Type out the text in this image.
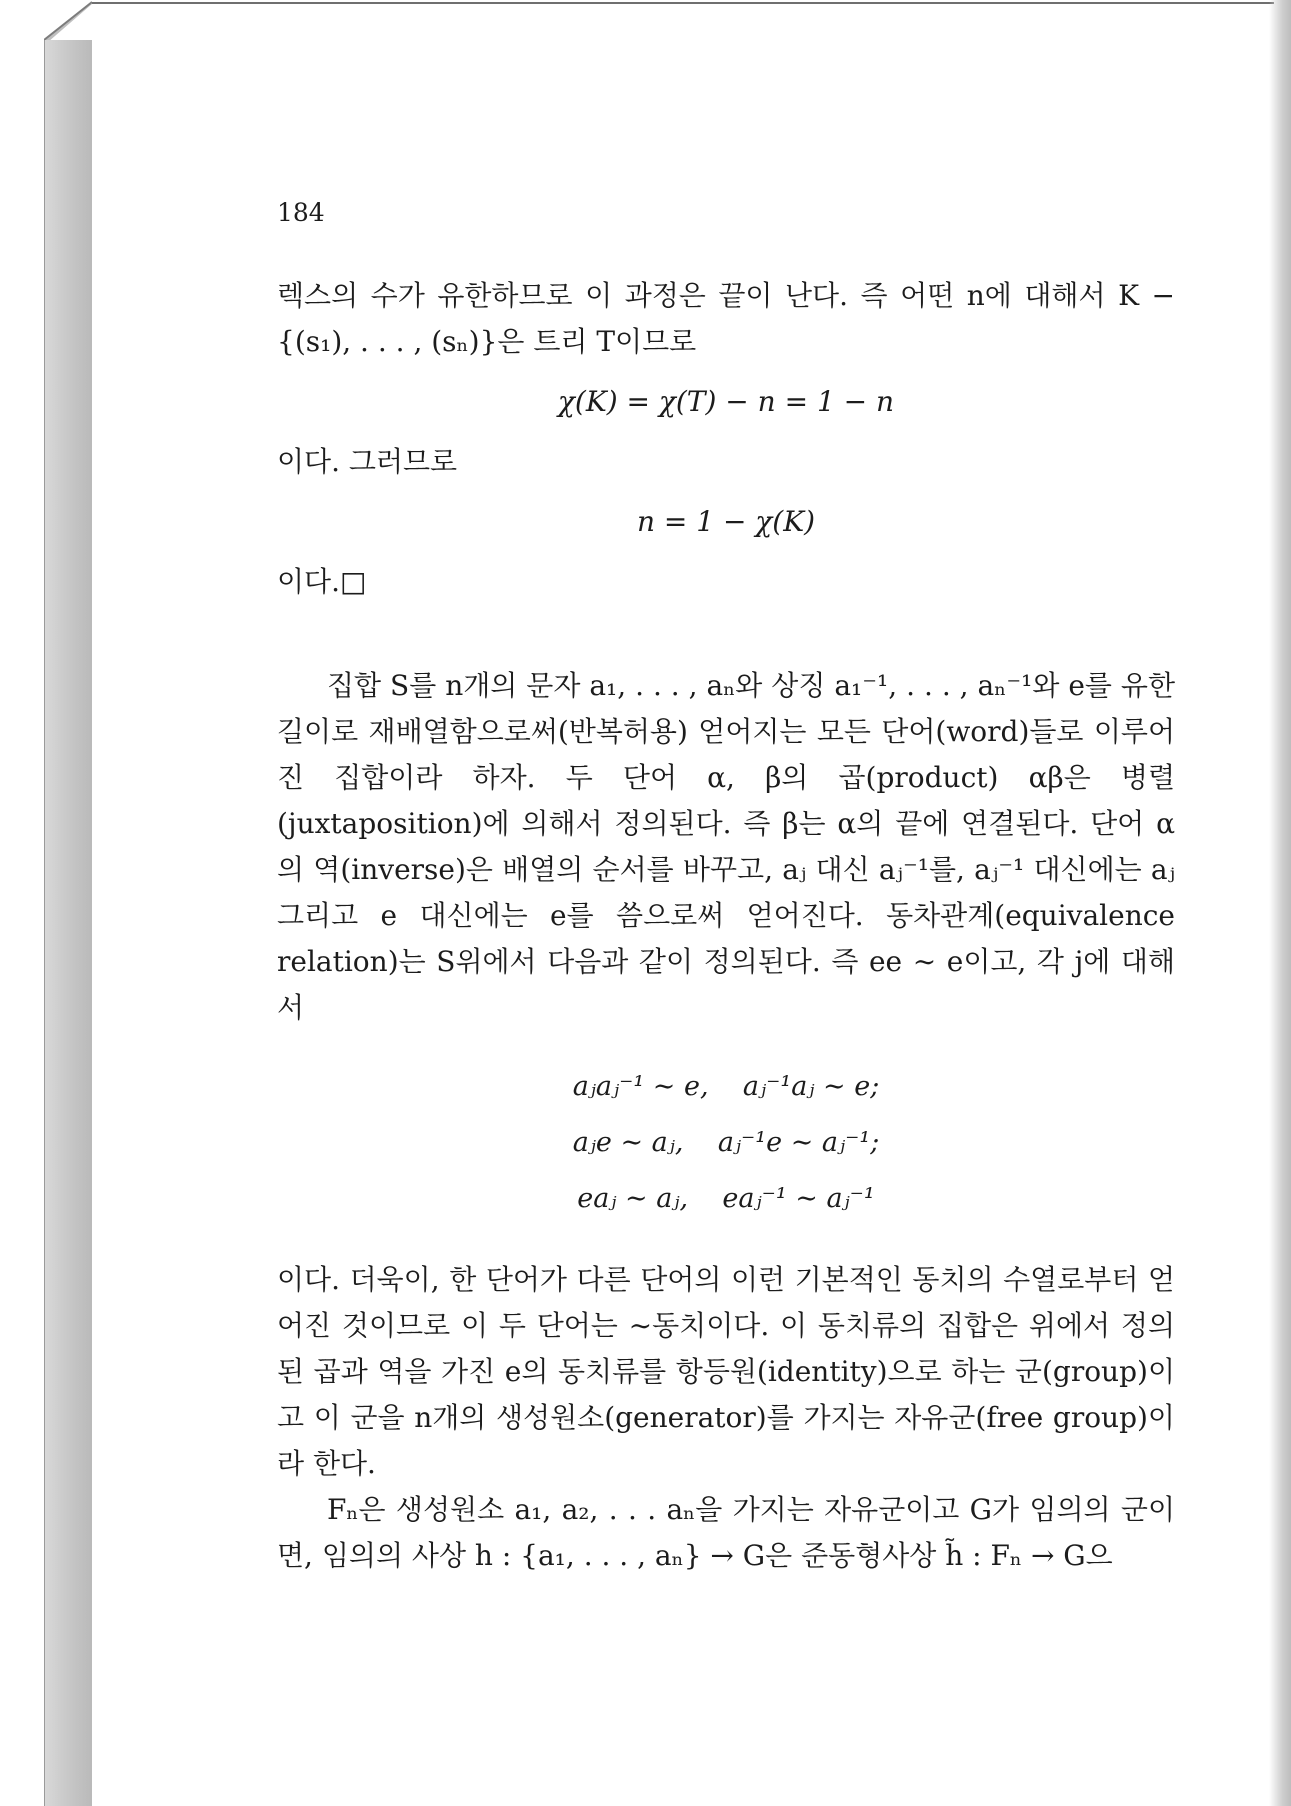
184

렉스의 수가 유한하므로 이 과정은 끝이 난다. 즉 어떤 n에 대해서 K − {(s₁), . . . , (sₙ)}은 트리 T이므로

χ(K) = χ(T) − n = 1 − n

이다. 그러므로

n = 1 − χ(K)

이다.□

집합 S를 n개의 문자 a₁, . . . , aₙ와 상징 a₁⁻¹, . . . , aₙ⁻¹와 e를 유한길이로 재배열함으로써(반복허용) 얻어지는 모든 단어(word)들로 이루어진 집합이라 하자. 두 단어 α, β의 곱(product) αβ은 병렬(juxtaposition)에 의해서 정의된다. 즉 β는 α의 끝에 연결된다. 단어 α의 역(inverse)은 배열의 순서를 바꾸고, aⱼ 대신 aⱼ⁻¹를, aⱼ⁻¹ 대신에는 aⱼ 그리고 e 대신에는 e를 씀으로써 얻어진다. 동차관계(equivalence relation)는 S위에서 다음과 같이 정의된다. 즉 ee ∼ e이고, 각 j에 대해서

aⱼaⱼ⁻¹ ∼ e,    aⱼ⁻¹aⱼ ∼ e;
aⱼe ∼ aⱼ,    aⱼ⁻¹e ∼ aⱼ⁻¹;
eaⱼ ∼ aⱼ,    eaⱼ⁻¹ ∼ aⱼ⁻¹

이다. 더욱이, 한 단어가 다른 단어의 이런 기본적인 동치의 수열로부터 얻어진 것이므로 이 두 단어는 ∼동치이다. 이 동치류의 집합은 위에서 정의된 곱과 역을 가진 e의 동치류를 항등원(identity)으로 하는 군(group)이고 이 군을 n개의 생성원소(generator)를 가지는 자유군(free group)이라 한다.

Fₙ은 생성원소 a₁, a₂, . . . aₙ을 가지는 자유군이고 G가 임의의 군이면, 임의의 사상 h : {a₁, . . . , aₙ} → G은 준동형사상 h̃ : Fₙ → G으
